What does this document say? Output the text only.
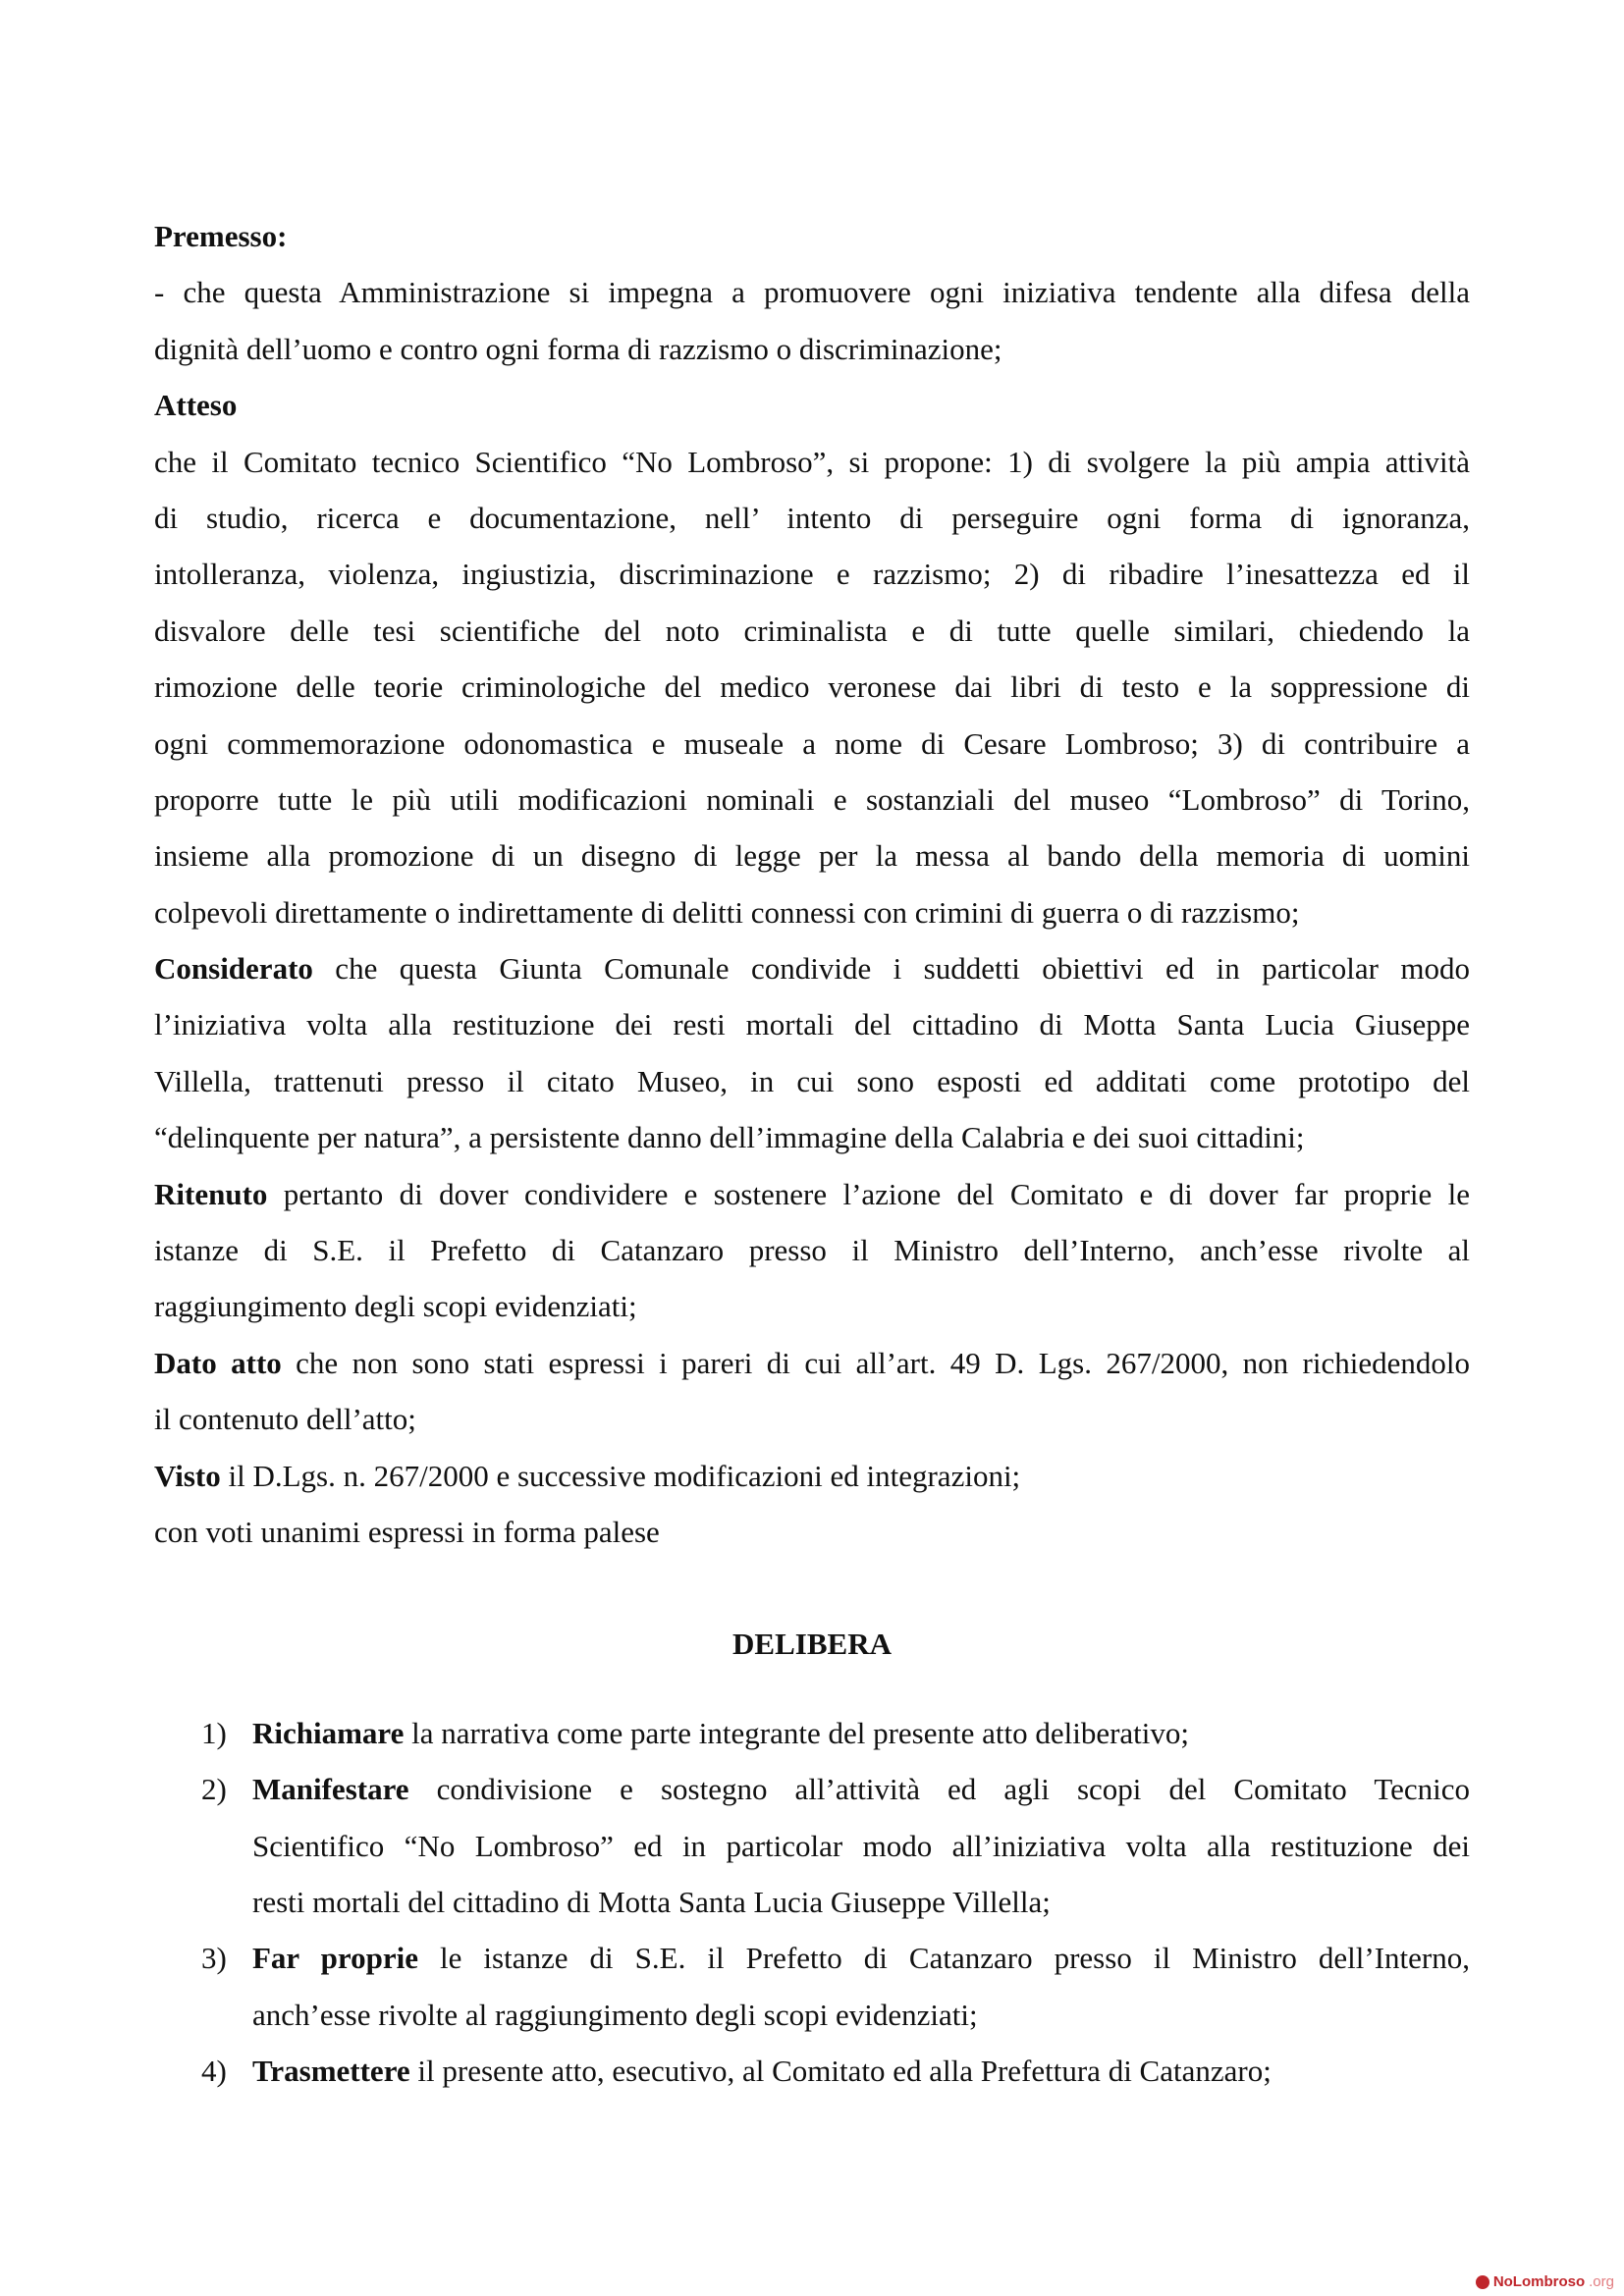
Premesso:
- che questa Amministrazione si impegna a promuovere ogni iniziativa tendente alla difesa della
dignità dell’uomo e contro ogni forma di razzismo o discriminazione;
Atteso
che il Comitato tecnico Scientifico “No Lombroso”, si propone: 1) di svolgere la più ampia attività
di studio, ricerca e documentazione, nell’ intento di perseguire ogni forma di ignoranza,
intolleranza, violenza, ingiustizia, discriminazione e razzismo; 2) di ribadire l’inesattezza ed il
disvalore delle tesi scientifiche del noto criminalista e di tutte quelle similari, chiedendo la
rimozione delle teorie criminologiche del medico veronese dai libri di testo e la soppressione di
ogni commemorazione odonomastica e museale a nome di Cesare Lombroso; 3) di contribuire a
proporre tutte le più utili modificazioni nominali e sostanziali del museo “Lombroso” di Torino,
insieme alla promozione di un disegno di legge per la messa al bando della memoria di uomini
colpevoli direttamente o indirettamente di delitti connessi con crimini di guerra o di razzismo;
Considerato che questa Giunta Comunale condivide i suddetti obiettivi ed in particolar modo
l’iniziativa volta alla restituzione dei resti mortali del cittadino di Motta Santa Lucia Giuseppe
Villella, trattenuti presso il citato Museo, in cui sono esposti ed additati come prototipo del
“delinquente per natura”, a persistente danno dell’immagine della Calabria e dei suoi cittadini;
Ritenuto pertanto di dover condividere e sostenere l’azione del Comitato e di dover far proprie le
istanze di S.E. il Prefetto di Catanzaro presso il Ministro dell’Interno, anch’esse rivolte al
raggiungimento degli scopi evidenziati;
Dato atto che non sono stati espressi i pareri di cui all’art. 49 D. Lgs. 267/2000, non richiedendolo
il contenuto dell’atto;
Visto il D.Lgs. n. 267/2000 e successive modificazioni ed integrazioni;
con voti unanimi espressi in forma palese
DELIBERA
1) Richiamare la narrativa come parte integrante del presente atto deliberativo;
2) Manifestare condivisione e sostegno all’attività ed agli scopi del Comitato Tecnico
Scientifico “No Lombroso” ed in particolar modo all’iniziativa volta alla restituzione dei
resti mortali del cittadino di Motta Santa Lucia Giuseppe Villella;
3) Far proprie le istanze di S.E. il Prefetto di Catanzaro presso il Ministro dell’Interno,
anch’esse rivolte al raggiungimento degli scopi evidenziati;
4) Trasmettere il presente atto, esecutivo, al Comitato ed alla Prefettura di Catanzaro;
NoLombroso .org
